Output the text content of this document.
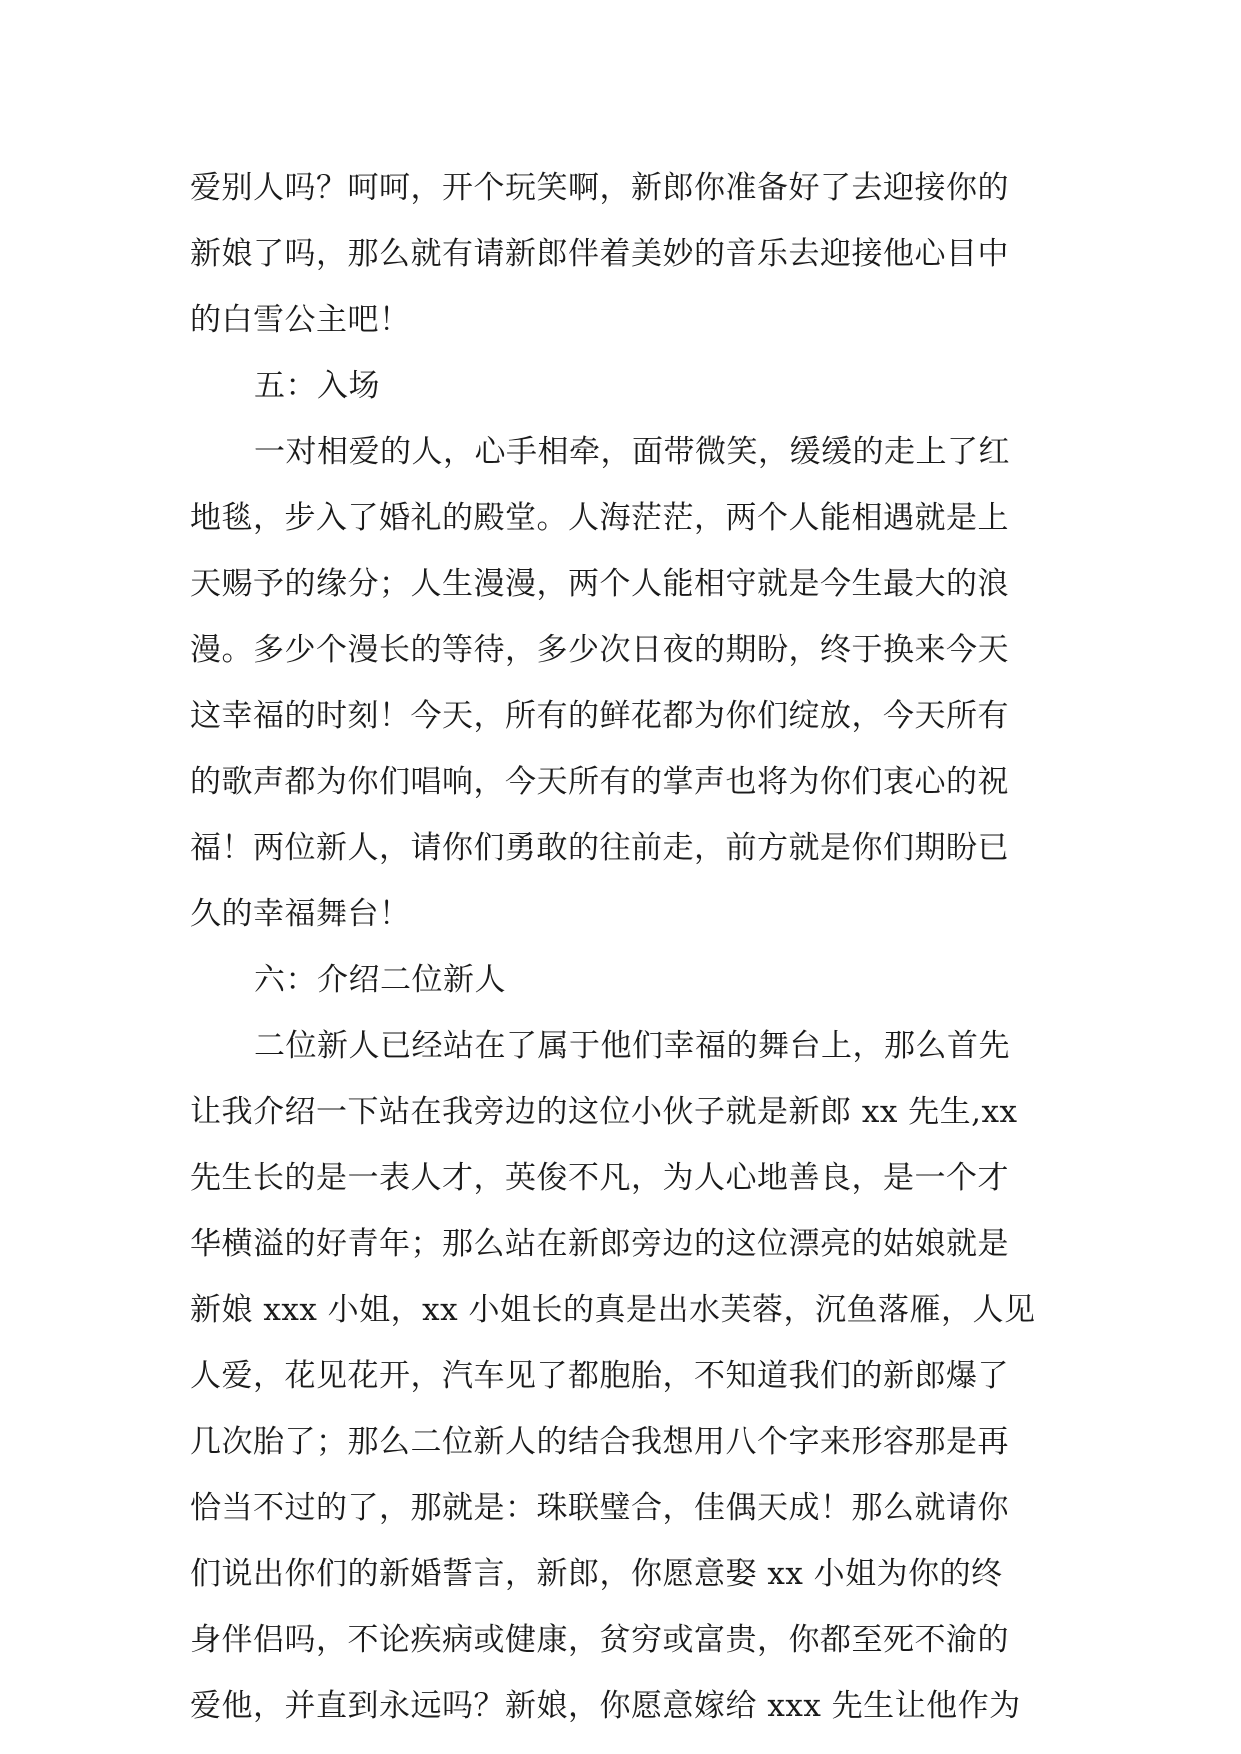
爱别人吗？呵呵，开个玩笑啊，新郎你准备好了去迎接你的
新娘了吗，那么就有请新郎伴着美妙的音乐去迎接他心目中
的白雪公主吧！
五：入场
一对相爱的人，心手相牵，面带微笑，缓缓的走上了红
地毯，步入了婚礼的殿堂。人海茫茫，两个人能相遇就是上
天赐予的缘分；人生漫漫，两个人能相守就是今生最大的浪
漫。多少个漫长的等待，多少次日夜的期盼，终于换来今天
这幸福的时刻！今天，所有的鲜花都为你们绽放，今天所有
的歌声都为你们唱响，今天所有的掌声也将为你们衷心的祝
福！两位新人，请你们勇敢的往前走，前方就是你们期盼已
久的幸福舞台！
六：介绍二位新人
二位新人已经站在了属于他们幸福的舞台上，那么首先
让我介绍一下站在我旁边的这位小伙子就是新郎 xx 先生,xx
先生长的是一表人才，英俊不凡，为人心地善良，是一个才
华横溢的好青年；那么站在新郎旁边的这位漂亮的姑娘就是
新娘 xxx 小姐，xx 小姐长的真是出水芙蓉，沉鱼落雁，人见
人爱，花见花开，汽车见了都胞胎，不知道我们的新郎爆了
几次胎了；那么二位新人的结合我想用八个字来形容那是再
恰当不过的了，那就是：珠联璧合，佳偶天成！那么就请你
们说出你们的新婚誓言，新郎，你愿意娶 xx 小姐为你的终
身伴侣吗，不论疾病或健康，贫穷或富贵，你都至死不渝的
爱他，并直到永远吗？新娘，你愿意嫁给 xxx 先生让他作为
